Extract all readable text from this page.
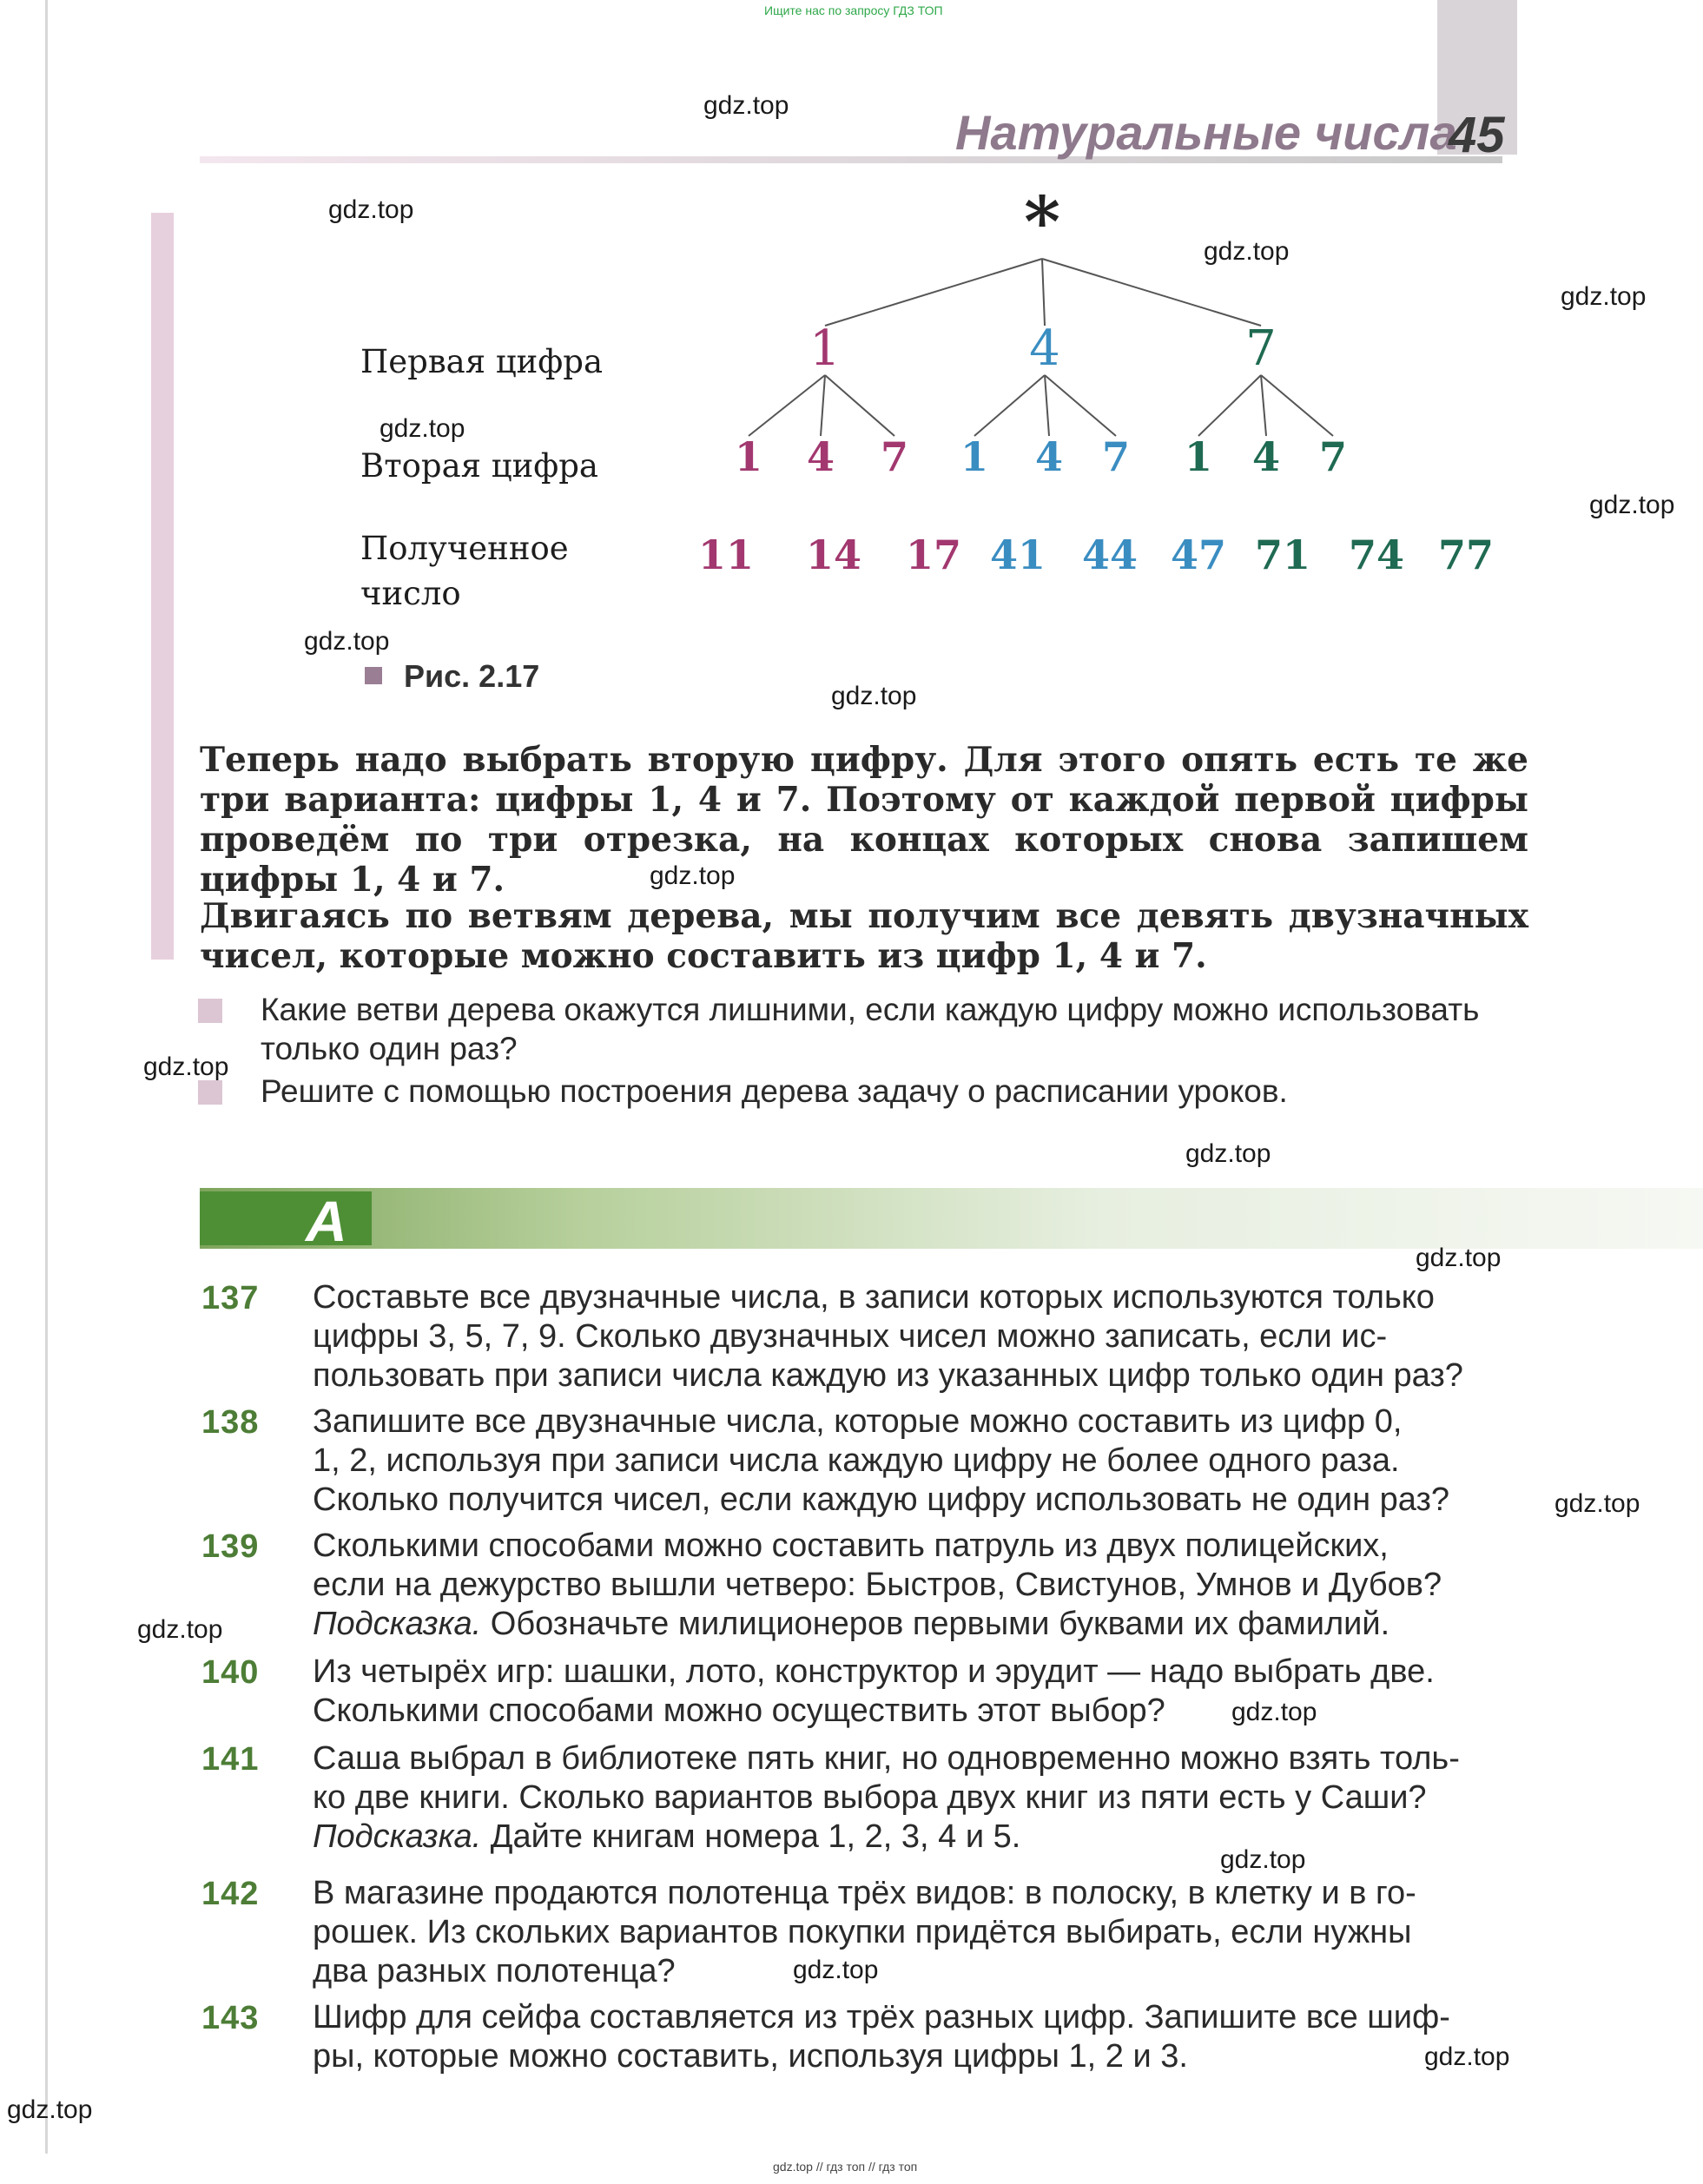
Ищите нас по запросу ГДЗ ТОП
Натуральные числа
45
Первая цифра
Вторая цифра
Полученное
число
*
1
1
11
4
14
7
17
4
1
41
4
44
7
47
7
1
71
4
74
7
77
Рис. 2.17
Теперь надо выбрать вторую цифру. Для этого опять есть те же три варианта: цифры 1, 4 и 7. Поэтому от каждой первой цифры проведём по три отрезка, на концах которых снова запишем цифры 1, 4 и 7.
Двигаясь по ветвям дерева, мы получим все девять двузначных чисел, которые можно составить из цифр 1, 4 и 7.
Какие ветви дерева окажутся лишними, если каждую цифру можно использовать только один раз?
Решите с помощью построения дерева задачу о расписании уроков.
A
137 Составьте все двузначные числа, в записи которых используются только
цифры 3, 5, 7, 9. Сколько двузначных чисел можно записать, если ис-
пользовать при записи числа каждую из указанных цифр только один раз?
138 Запишите все двузначные числа, которые можно составить из цифр 0,
1, 2, используя при записи числа каждую цифру не более одного раза.
Сколько получится чисел, если каждую цифру использовать не один раз?
139 Сколькими способами можно составить патруль из двух полицейских,
если на дежурство вышли четверо: Быстров, Свистунов, Умнов и Дубов?
Подсказка. Обозначьте милиционеров первыми буквами их фамилий.
140 Из четырёх игр: шашки, лото, конструктор и эрудит — надо выбрать две.
Сколькими способами можно осуществить этот выбор?
141 Саша выбрал в библиотеке пять книг, но одновременно можно взять толь-
ко две книги. Сколько вариантов выбора двух книг из пяти есть у Саши?
Подсказка. Дайте книгам номера 1, 2, 3, 4 и 5.
142 В магазине продаются полотенца трёх видов: в полоску, в клетку и в го-
рошек. Из скольких вариантов покупки придётся выбирать, если нужны
два разных полотенца?
143 Шифр для сейфа составляется из трёх разных цифр. Запишите все шиф-
ры, которые можно составить, используя цифры 1, 2 и 3.
gdz.top
gdz.top
gdz.top
gdz.top
gdz.top
gdz.top
gdz.top
gdz.top
gdz.top
gdz.top
gdz.top
gdz.top
gdz.top
gdz.top
gdz.top
gdz.top
gdz.top
gdz.top
gdz.top
gdz.top // гдз топ // гдз топ
